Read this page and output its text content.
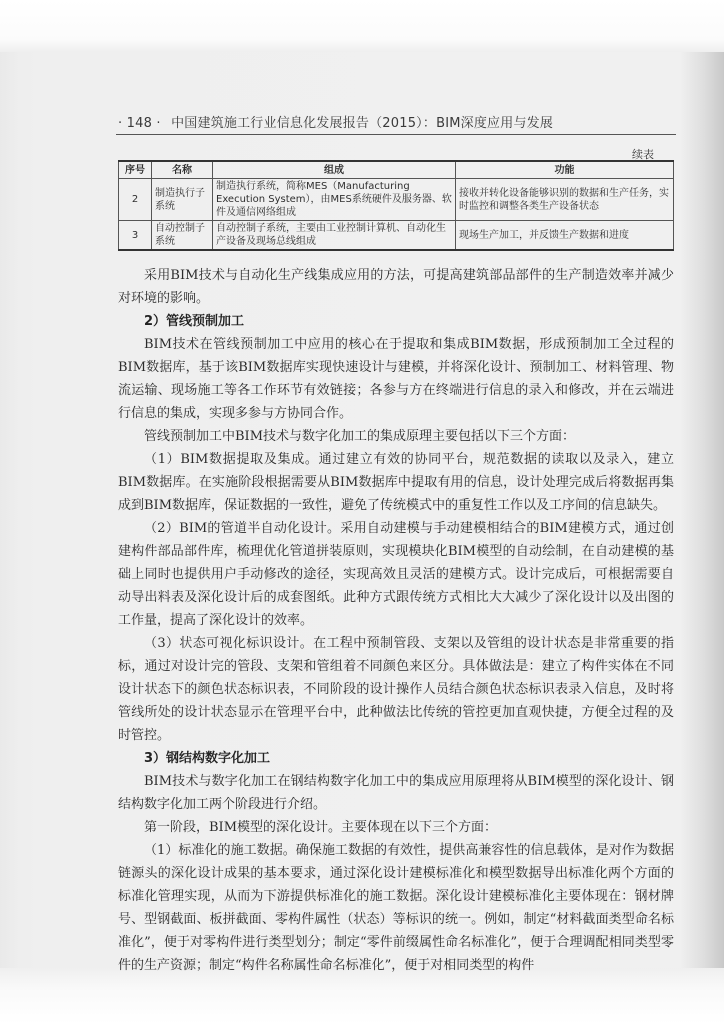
· 148 · 中国建筑施工行业信息化发展报告（2015）：BIM深度应用与发展
续表
序号	名称	组成	功能
2	制造执行子系统	制造执行系统，简称MES（Manufacturing Execution System），由MES系统硬件及服务器、软件及通信网络组成	接收并转化设备能够识别的数据和生产任务，实时监控和调整各类生产设备状态
3	自动控制子系统	自动控制子系统，主要由工业控制计算机、自动化生产设备及现场总线组成	现场生产加工，并反馈生产数据和进度

采用BIM技术与自动化生产线集成应用的方法，可提高建筑部品部件的生产制造效率并减少对环境的影响。

2）管线预制加工

BIM技术在管线预制加工中应用的核心在于提取和集成BIM数据，形成预制加工全过程的BIM数据库，基于该BIM数据库实现快速设计与建模，并将深化设计、预制加工、材料管理、物流运输、现场施工等各工作环节有效链接；各参与方在终端进行信息的录入和修改，并在云端进行信息的集成，实现多参与方协同合作。

管线预制加工中BIM技术与数字化加工的集成原理主要包括以下三个方面：

（1）BIM数据提取及集成。通过建立有效的协同平台，规范数据的读取以及录入，建立BIM数据库。在实施阶段根据需要从BIM数据库中提取有用的信息，设计处理完成后将数据再集成到BIM数据库，保证数据的一致性，避免了传统模式中的重复性工作以及工序间的信息缺失。

（2）BIM的管道半自动化设计。采用自动建模与手动建模相结合的BIM建模方式，通过创建构件部品部件库，梳理优化管道拼装原则，实现模块化BIM模型的自动绘制，在自动建模的基础上同时也提供用户手动修改的途径，实现高效且灵活的建模方式。设计完成后，可根据需要自动导出料表及深化设计后的成套图纸。此种方式跟传统方式相比大大减少了深化设计以及出图的工作量，提高了深化设计的效率。

（3）状态可视化标识设计。在工程中预制管段、支架以及管组的设计状态是非常重要的指标，通过对设计完的管段、支架和管组着不同颜色来区分。具体做法是：建立了构件实体在不同设计状态下的颜色状态标识表，不同阶段的设计操作人员结合颜色状态标识表录入信息，及时将管线所处的设计状态显示在管理平台中，此种做法比传统的管控更加直观快捷，方便全过程的及时管控。

3）钢结构数字化加工

BIM技术与数字化加工在钢结构数字化加工中的集成应用原理将从BIM模型的深化设计、钢结构数字化加工两个阶段进行介绍。

第一阶段，BIM模型的深化设计。主要体现在以下三个方面：

（1）标准化的施工数据。确保施工数据的有效性，提供高兼容性的信息载体，是对作为数据链源头的深化设计成果的基本要求，通过深化设计建模标准化和模型数据导出标准化两个方面的标准化管理实现，从而为下游提供标准化的施工数据。深化设计建模标准化主要体现在：钢材牌号、型钢截面、板拼截面、零构件属性（状态）等标识的统一。例如，制定“材料截面类型命名标准化”，便于对零构件进行类型划分；制定“零件前缀属性命名标准化”，便于合理调配相同类型零件的生产资源；制定“构件名称属性命名标准化”，便于对相同类型的构件
